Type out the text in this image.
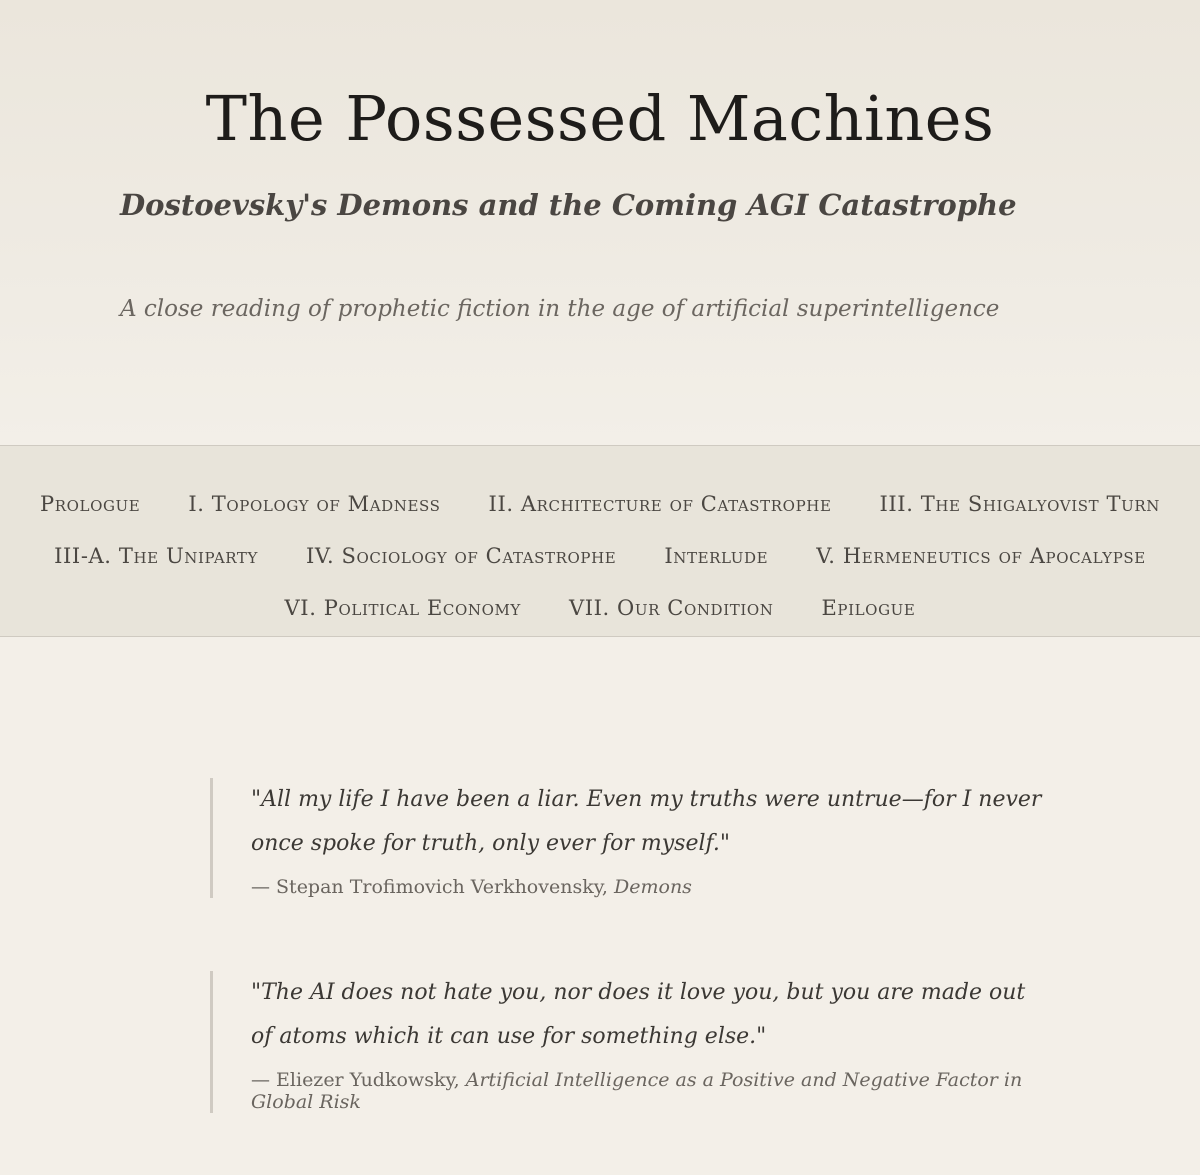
The Possessed Machines
Dostoevsky's Demons and the Coming AGI Catastrophe

A close reading of prophetic fiction in the age of artificial superintelligence

Prologue I. Topology of Madness II. Architecture of Catastrophe III. The Shigalyovist Turn
III-A. The Uniparty IV. Sociology of Catastrophe Interlude V. Hermeneutics of Apocalypse
VI. Political Economy VII. Our Condition Epilogue

"All my life I have been a liar. Even my truths were untrue—for I never once spoke for truth, only ever for myself."

— Stepan Trofimovich Verkhovensky, Demons

"The AI does not hate you, nor does it love you, but you are made out of atoms which it can use for something else."

— Eliezer Yudkowsky, Artificial Intelligence as a Positive and Negative Factor in Global Risk
